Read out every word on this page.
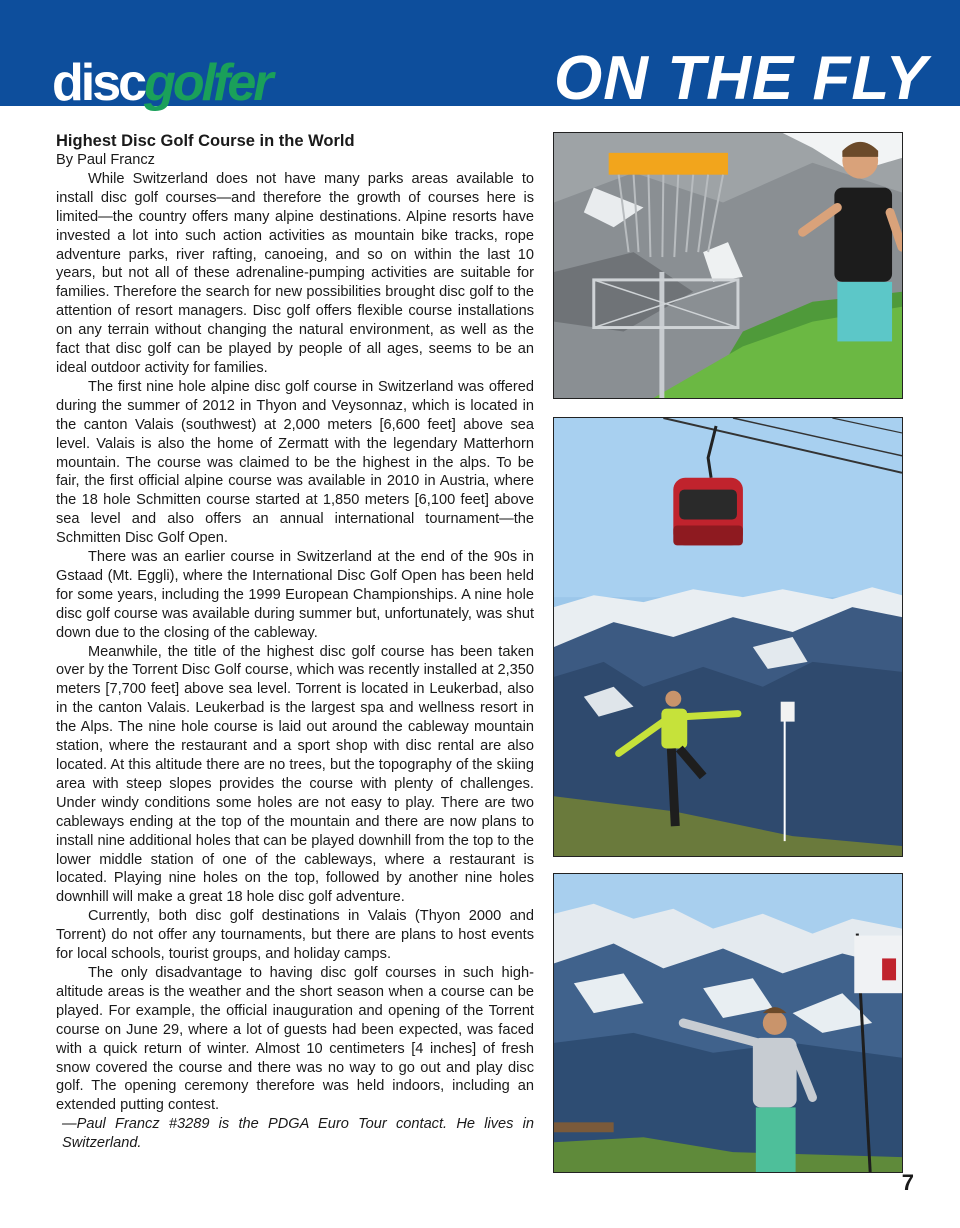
discgolfer	ON THE FLY
Highest Disc Golf Course in the World
By Paul Francz

While Switzerland does not have many parks areas available to install disc golf courses—and therefore the growth of courses here is limited—the country offers many alpine destinations. Alpine resorts have invested a lot into such action activities as mountain bike tracks, rope adventure parks, river rafting, canoeing, and so on within the last 10 years, but not all of these adrenaline-pumping activities are suitable for families. Therefore the search for new possibilities brought disc golf to the attention of resort managers. Disc golf offers flexible course installations on any terrain without changing the natural environment, as well as the fact that disc golf can be played by people of all ages, seems to be an ideal outdoor activity for families.

The first nine hole alpine disc golf course in Switzerland was offered during the summer of 2012 in Thyon and Veysonnaz, which is located in the canton Valais (southwest) at 2,000 meters [6,600 feet] above sea level. Valais is also the home of Zermatt with the legendary Matterhorn mountain. The course was claimed to be the highest in the alps. To be fair, the first official alpine course was available in 2010 in Austria, where the 18 hole Schmitten course started at 1,850 meters [6,100 feet] above sea level and also offers an annual international tournament—the Schmitten Disc Golf Open.

There was an earlier course in Switzerland at the end of the 90s in Gstaad (Mt. Eggli), where the International Disc Golf Open has been held for some years, including the 1999 European Championships. A nine hole disc golf course was available during summer but, unfortunately, was shut down due to the closing of the cableway.

Meanwhile, the title of the highest disc golf course has been taken over by the Torrent Disc Golf course, which was recently installed at 2,350 meters [7,700 feet] above sea level. Torrent is located in Leukerbad, also in the canton Valais. Leukerbad is the largest spa and wellness resort in the Alps. The nine hole course is laid out around the cableway mountain station, where the restaurant and a sport shop with disc rental are also located. At this altitude there are no trees, but the topography of the skiing area with steep slopes provides the course with plenty of challenges. Under windy conditions some holes are not easy to play. There are two cableways ending at the top of the mountain and there are now plans to install nine additional holes that can be played downhill from the top to the lower middle station of one of the cableways, where a restaurant is located. Playing nine holes on the top, followed by another nine holes downhill will make a great 18 hole disc golf adventure.

Currently, both disc golf destinations in Valais (Thyon 2000 and Torrent) do not offer any tournaments, but there are plans to host events for local schools, tourist groups, and holiday camps.

The only disadvantage to having disc golf courses in such high-altitude areas is the weather and the short season when a course can be played. For example, the official inauguration and opening of the Torrent course on June 29, where a lot of guests had been expected, was faced with a quick return of winter. Almost 10 centimeters [4 inches] of fresh snow covered the course and there was no way to go out and play disc golf. The opening ceremony therefore was held indoors, including an extended putting contest.

—Paul Francz #3289 is the PDGA Euro Tour contact. He lives in Switzerland.

7
